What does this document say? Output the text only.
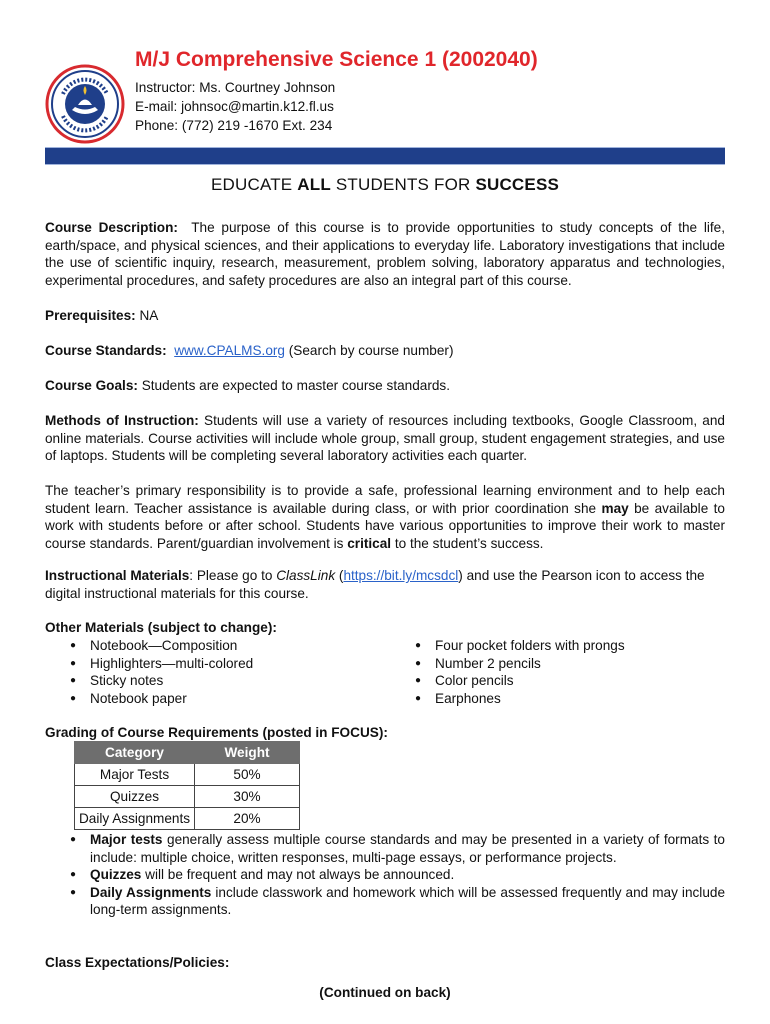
M/J Comprehensive Science 1 (2002040)
Instructor: Ms. Courtney Johnson
E-mail: johnsoc@martin.k12.fl.us
Phone: (772) 219 -1670 Ext. 234
EDUCATE ALL STUDENTS FOR SUCCESS

Course Description: The purpose of this course is to provide opportunities to study concepts of the life, earth/space, and physical sciences, and their applications to everyday life. Laboratory investigations that include the use of scientific inquiry, research, measurement, problem solving, laboratory apparatus and technologies, experimental procedures, and safety procedures are also an integral part of this course.

Prerequisites: NA

Course Standards: www.CPALMS.org (Search by course number)

Course Goals: Students are expected to master course standards.

Methods of Instruction: Students will use a variety of resources including textbooks, Google Classroom, and online materials. Course activities will include whole group, small group, student engagement strategies, and use of laptops. Students will be completing several laboratory activities each quarter.

The teacher’s primary responsibility is to provide a safe, professional learning environment and to help each student learn. Teacher assistance is available during class, or with prior coordination she may be available to work with students before or after school. Students have various opportunities to improve their work to master course standards. Parent/guardian involvement is critical to the student’s success.

Instructional Materials: Please go to ClassLink (https://bit.ly/mcsdcl) and use the Pearson icon to access the digital instructional materials for this course.

Other Materials (subject to change):

● Notebook—Composition
● Highlighters—multi-colored
● Sticky notes
● Notebook paper
● Four pocket folders with prongs
● Number 2 pencils
● Color pencils
● Earphones

Grading of Course Requirements (posted in FOCUS):

Category	Weight
Major Tests	50%
Quizzes	30%
Daily Assignments	20%
● Major tests generally assess multiple course standards and may be presented in a variety of formats to include: multiple choice, written responses, multi-page essays, or performance projects.
● Quizzes will be frequent and may not always be announced.
● Daily Assignments include classwork and homework which will be assessed frequently and may include long-term assignments.

Class Expectations/Policies:

(Continued on back)
